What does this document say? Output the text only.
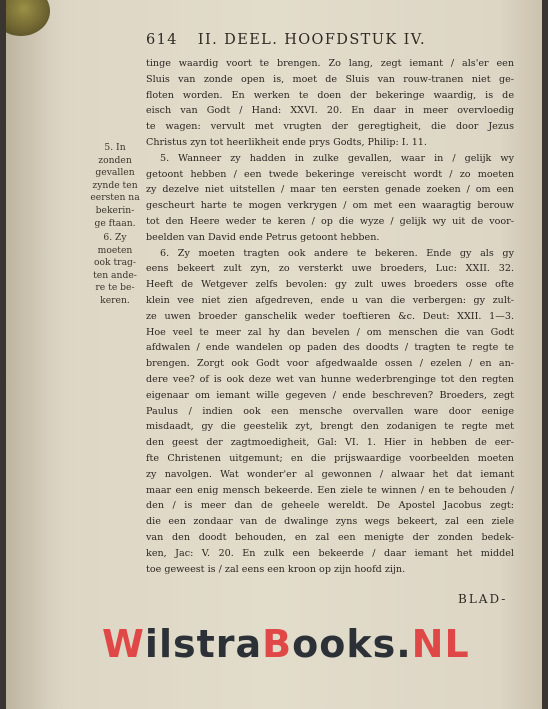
614 II. DEEL. HOOFDSTUK IV.
5. In
zonden
gevallen
zynde ten
eersten na
bekerin-
ge ftaan.
6. Zy
moeten
ook trag-
ten ande-
re te be-
keren.
tinge waardig voort te brengen. Zo lang, zegt iemant / als'er een
Sluis van zonde open is, moet de Sluis van rouw-tranen niet ge-
floten worden. En werken te doen der bekeringe waardig, is de
eisch van Godt / Hand: XXVI. 20. En daar in meer overvloedig
te wagen: vervult met vrugten der geregtigheit, die door Jezus
Christus zyn tot heerlikheit ende prys Godts, Philip: I. 11.
5. Wanneer zy hadden in zulke gevallen, waar in / gelijk wy
getoont hebben / een twede bekeringe vereischt wordt / zo moeten
zy dezelve niet uitstellen / maar ten eersten genade zoeken / om een
gescheurt harte te mogen verkrygen / om met een waaragtig berouw
tot den Heere weder te keren / op die wyze / gelijk wy uit de voor-
beelden van David ende Petrus getoont hebben.
6. Zy moeten tragten ook andere te bekeren. Ende gy als gy
eens bekeert zult zyn, zo versterkt uwe broeders, Luc: XXII. 32.
Heeft de Wetgever zelfs bevolen: gy zult uwes broeders osse ofte
klein vee niet zien afgedreven, ende u van die verbergen: gy zult-
ze uwen broeder ganschelik weder toeftieren &c. Deut: XXII. 1—3.
Hoe veel te meer zal hy dan bevelen / om menschen die van Godt
afdwalen / ende wandelen op paden des doodts / tragten te regte te
brengen. Zorgt ook Godt voor afgedwaalde ossen / ezelen / en an-
dere vee? of is ook deze wet van hunne wederbrenginge tot den regten
eigenaar om iemant wille gegeven / ende beschreven? Broeders, zegt
Paulus / indien ook een mensche overvallen ware door eenige
misdaadt, gy die geestelik zyt, brengt den zodanigen te regte met
den geest der zagtmoedigheit, Gal: VI. 1. Hier in hebben de eer-
fte Christenen uitgemunt; en die prijswaardige voorbeelden moeten
zy navolgen. Wat wonder'er al gewonnen / alwaar het dat iemant
maar een enig mensch bekeerde. Een ziele te winnen / en te behouden /
den / is meer dan de geheele wereldt. De Apostel Jacobus zegt:
die een zondaar van de dwalinge zyns wegs bekeert, zal een ziele
van den doodt behouden, en zal een menigte der zonden bedek-
ken, Jac: V. 20. En zulk een bekeerde / daar iemant het middel
toe geweest is / zal eens een kroon op zijn hoofd zijn.
BLAD-
WilstraBooks.NL
